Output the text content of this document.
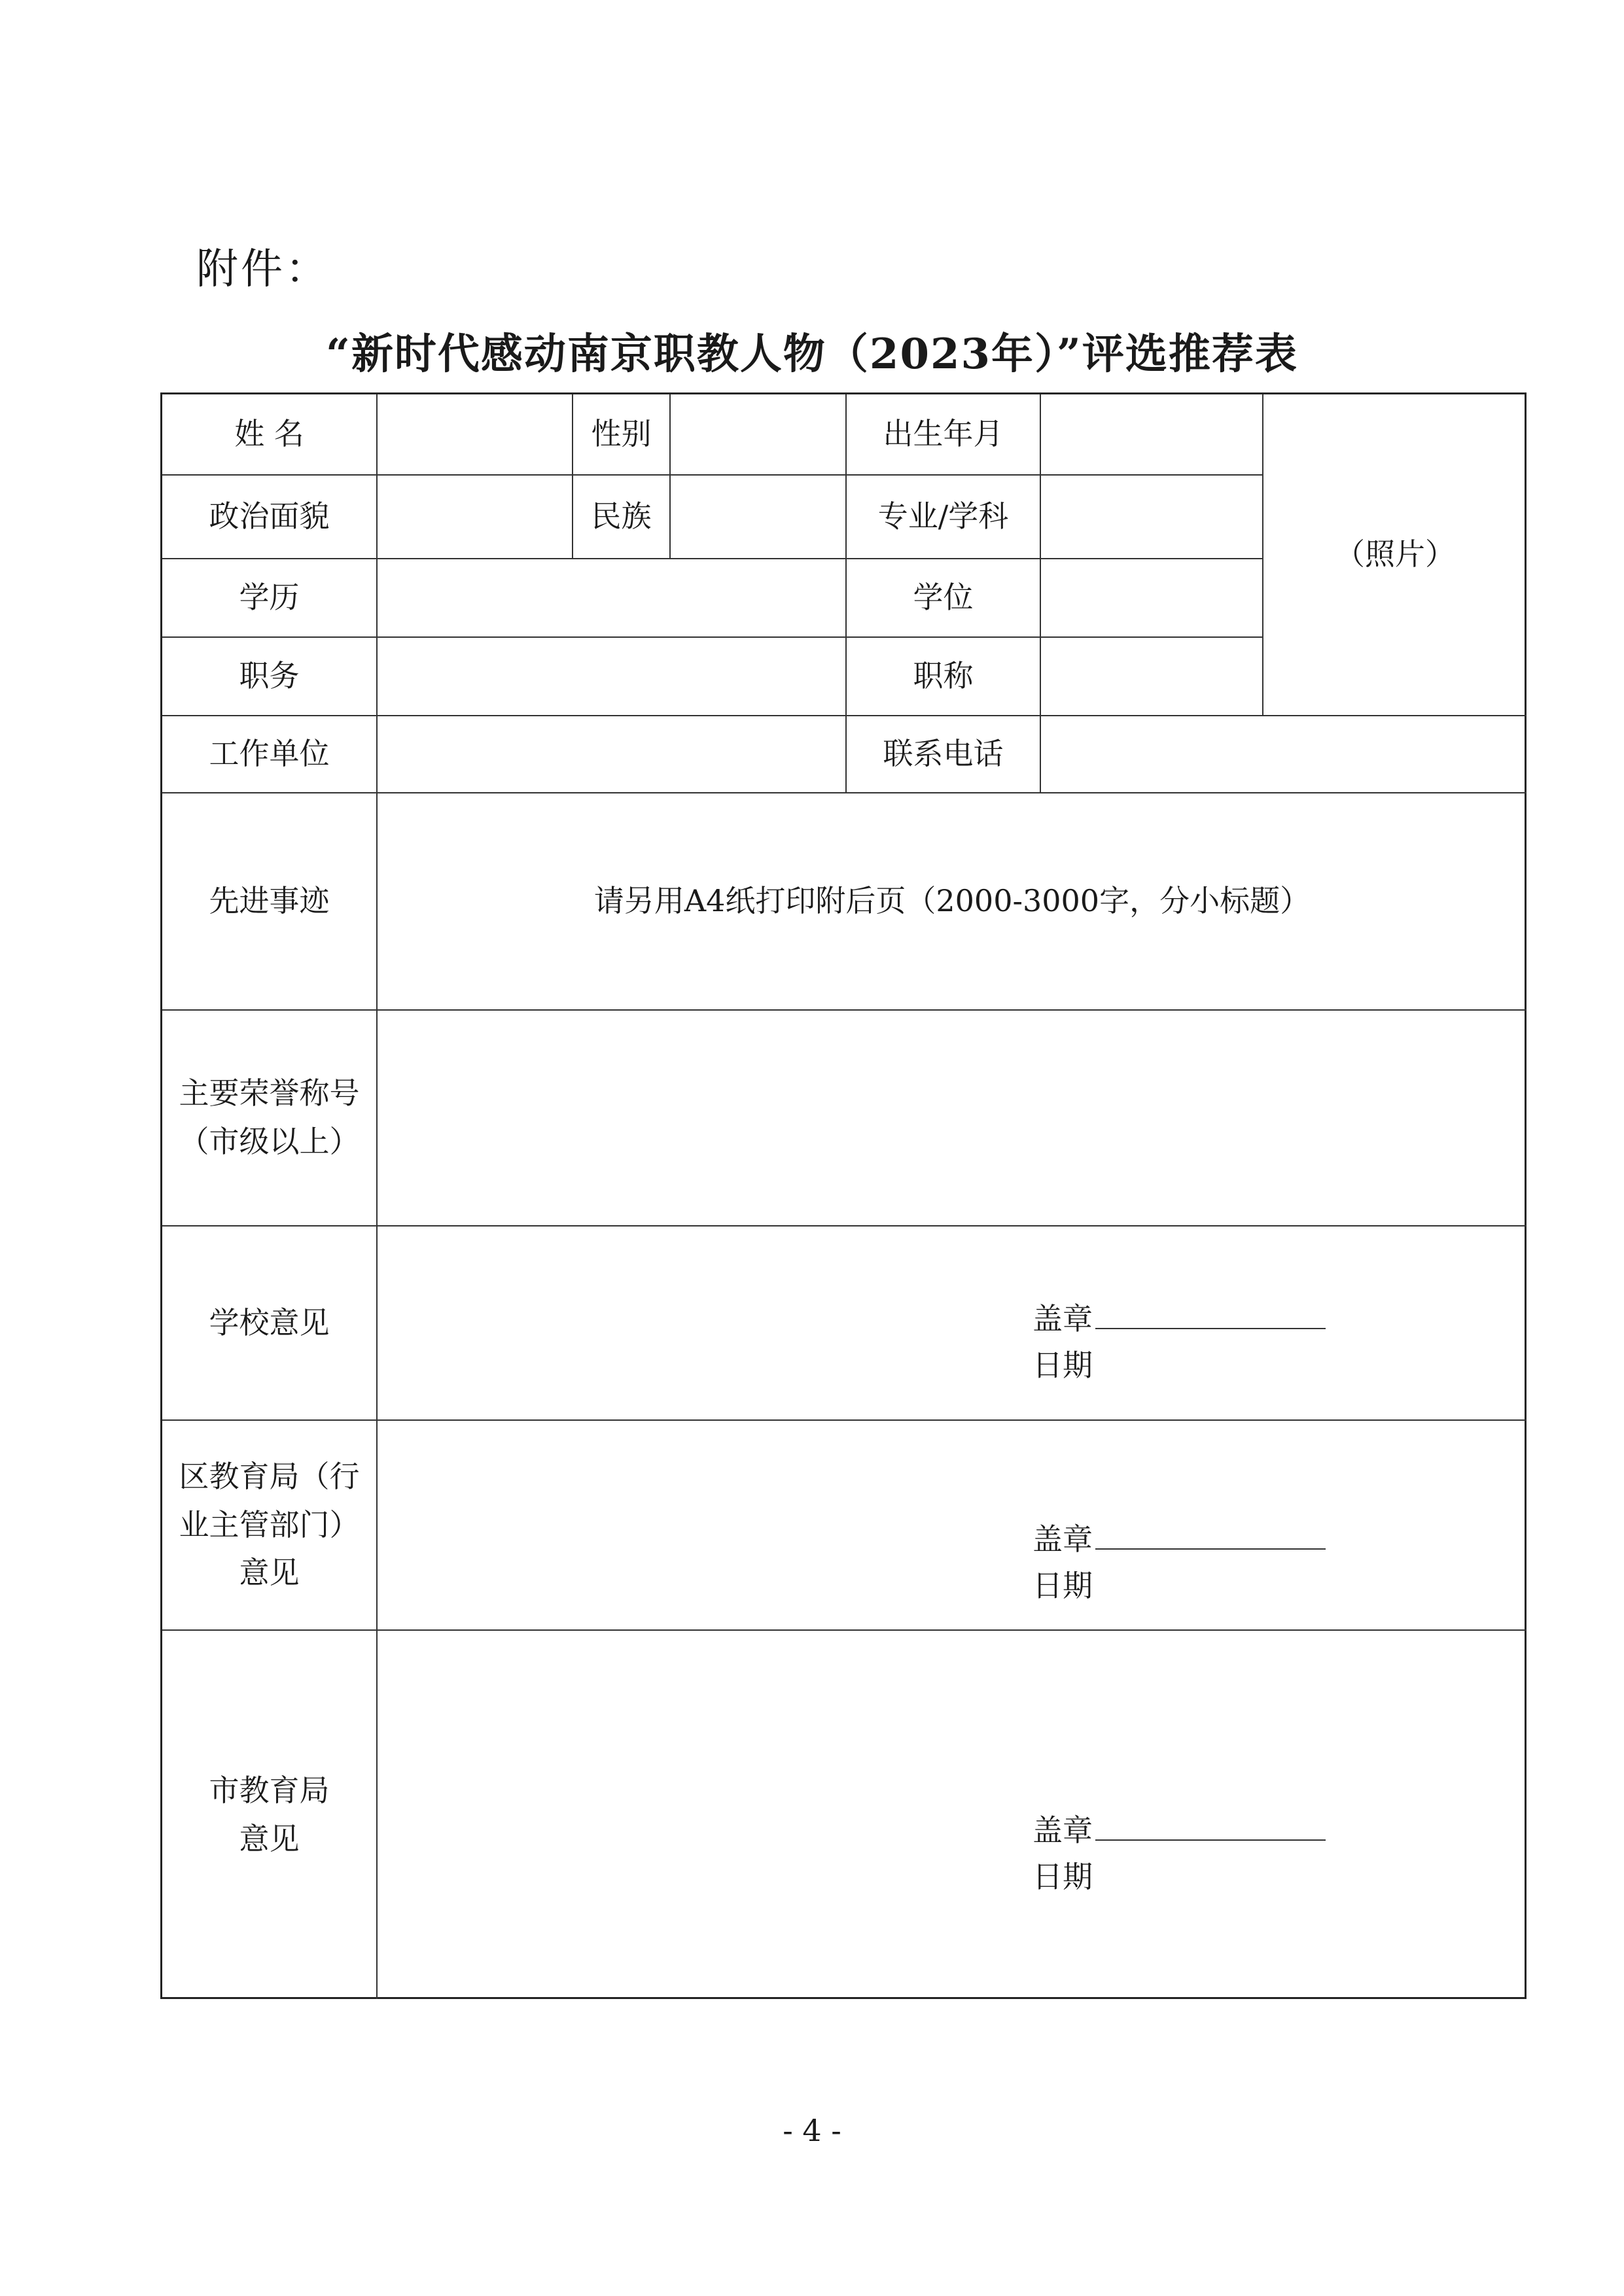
附件：
“新时代感动南京职教人物（2023年）”评选推荐表
姓 名	性别	出生年月
政治面貌	民族	专业/学科
（照片）
学历	学位
职务	职称
工作单位	联系电话
先进事迹	请另用A4纸打印附后页（2000-3000字，分小标题）
主要荣誉称号（市级以上）
学校意见	盖章
日期
区教育局（行业主管部门）意见
盖章
日期
市教育局意见	盖章
日期
- 4 -
